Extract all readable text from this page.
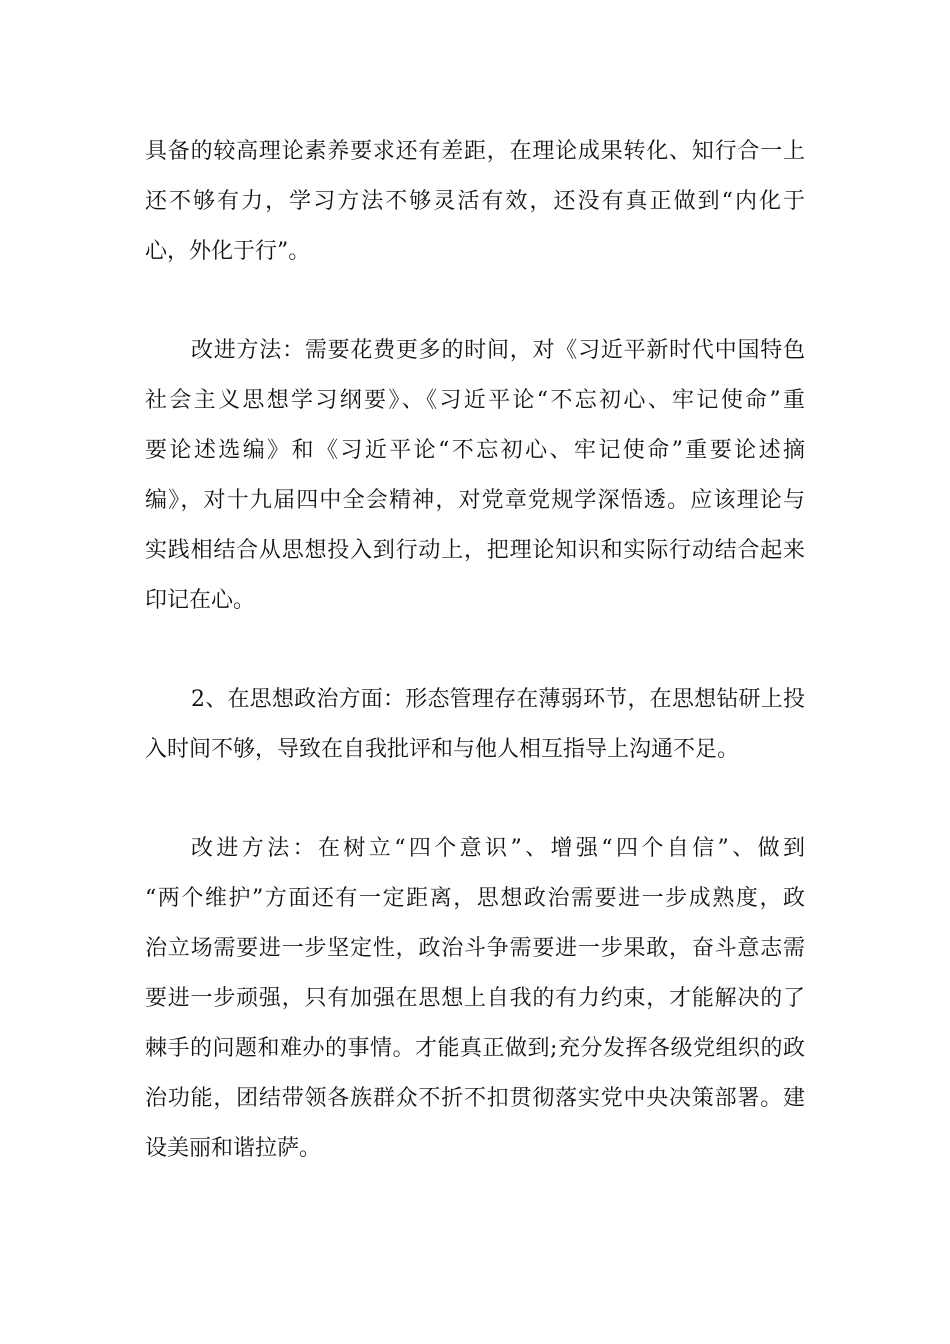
具备的较高理论素养要求还有差距，在理论成果转化、知行合一上
还不够有力，学习方法不够灵活有效，还没有真正做到“内化于
心，外化于行”。
改进方法：需要花费更多的时间，对《习近平新时代中国特色
社会主义思想学习纲要》、《习近平论“不忘初心、牢记使命”重
要论述选编》和《习近平论“不忘初心、牢记使命”重要论述摘
编》，对十九届四中全会精神，对党章党规学深悟透。应该理论与
实践相结合从思想投入到行动上，把理论知识和实际行动结合起来
印记在心。
2、在思想政治方面：形态管理存在薄弱环节，在思想钻研上投
入时间不够，导致在自我批评和与他人相互指导上沟通不足。
改进方法：在树立“四个意识”、增强“四个自信”、做到
“两个维护”方面还有一定距离，思想政治需要进一步成熟度，政
治立场需要进一步坚定性，政治斗争需要进一步果敢，奋斗意志需
要进一步顽强，只有加强在思想上自我的有力约束，才能解决的了
棘手的问题和难办的事情。才能真正做到;充分发挥各级党组织的政
治功能，团结带领各族群众不折不扣贯彻落实党中央决策部署。建
设美丽和谐拉萨。
